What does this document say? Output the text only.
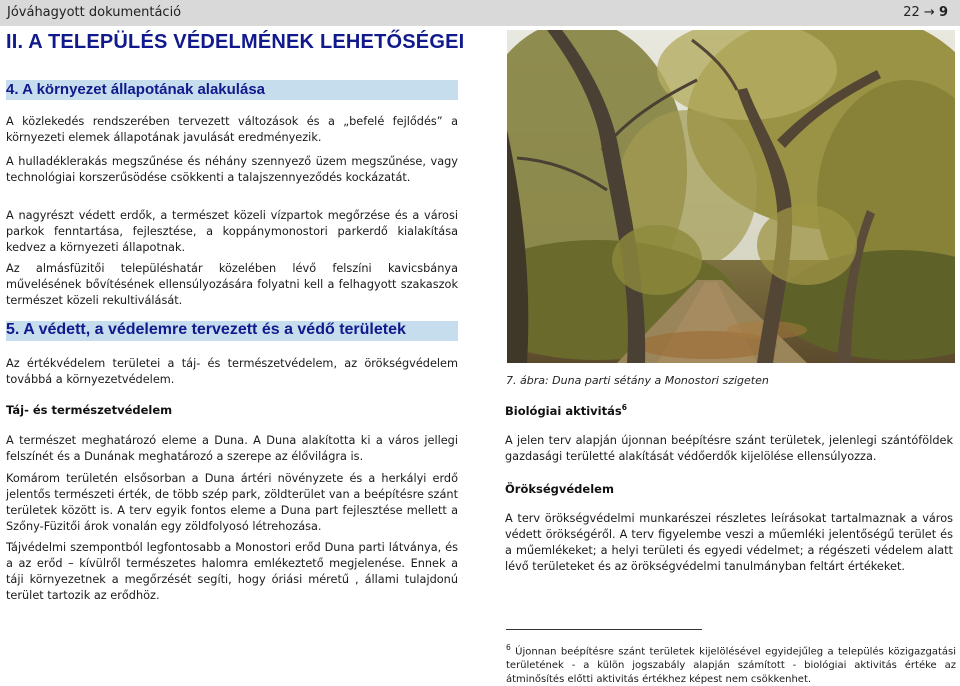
Jóváhagyott dokumentáció	22 → 9
II. A TELEPÜLÉS VÉDELMÉNEK LEHETŐSÉGEI
4. A környezet állapotának alakulása

A közlekedés rendszerében tervezett változások és a „befelé fejlődés” a környezeti elemek állapotának javulását eredményezik.

A hulladéklerakás megszűnése és néhány szennyező üzem megszűnése, vagy technológiai korszerűsödése csökkenti a talajszennyeződés kockázatát.

A nagyrészt védett erdők, a természet közeli vízpartok megőrzése és a városi parkok fenntartása, fejlesztése, a koppánymonostori parkerdő kialakítása kedvez a környezeti állapotnak.

Az almásfüzitői településhatár közelében lévő felszíni kavicsbánya művelésének bővítésének ellensúlyozására folyatni kell a felhagyott szakaszok természet közeli rekultiválását.

5. A védett, a védelemre tervezett és a védő területek

Az értékvédelem területei a táj- és természetvédelem, az örökségvédelem továbbá a környezetvédelem.

Táj- és természetvédelem

A természet meghatározó eleme a Duna. A Duna alakította ki a város jellegi felszínét és a Dunának meghatározó a szerepe az élővilágra is.

Komárom területén elsősorban a Duna ártéri növényzete és a herkályi erdő jelentős természeti érték, de több szép park, zöldterület van a beépítésre szánt területek között is. A terv egyik fontos eleme a Duna part fejlesztése mellett a Szőny-Füzitői árok vonalán egy zöldfolyosó létrehozása.

Tájvédelmi szempontból legfontosabb a Monostori erőd Duna parti látványa, és a az erőd – kívülről természetes halomra emlékeztető megjelenése. Ennek a táji környezetnek a megőrzését segíti, hogy óriási méretű , állami tulajdonú terület tartozik az erődhöz.

7. ábra: Duna parti sétány a Monostori szigeten
Biológiai aktivitás$^6$

A jelen terv alapján újonnan beépítésre szánt területek, jelenlegi szántóföldek gazdasági területté alakítását védőerdők kijelölése ellensúlyozza.

Örökségvédelem

A terv örökségvédelmi munkarészei részletes leírásokat tartalmaznak a város védett örökségéről. A terv figyelembe veszi a műemléki jelentőségű terület és a műemlékeket; a helyi területi és egyedi védelmet; a régészeti védelem alatt lévő területeket és az örökségvédelmi tanulmányban feltárt értékeket.

$^6$ Újonnan beépítésre szánt területek kijelölésével egyidejűleg a település közigazgatási területének - a külön jogszabály alapján számított - biológiai aktivitás értéke az átminősítés előtti aktivitás értékhez képest nem csökkenhet.
